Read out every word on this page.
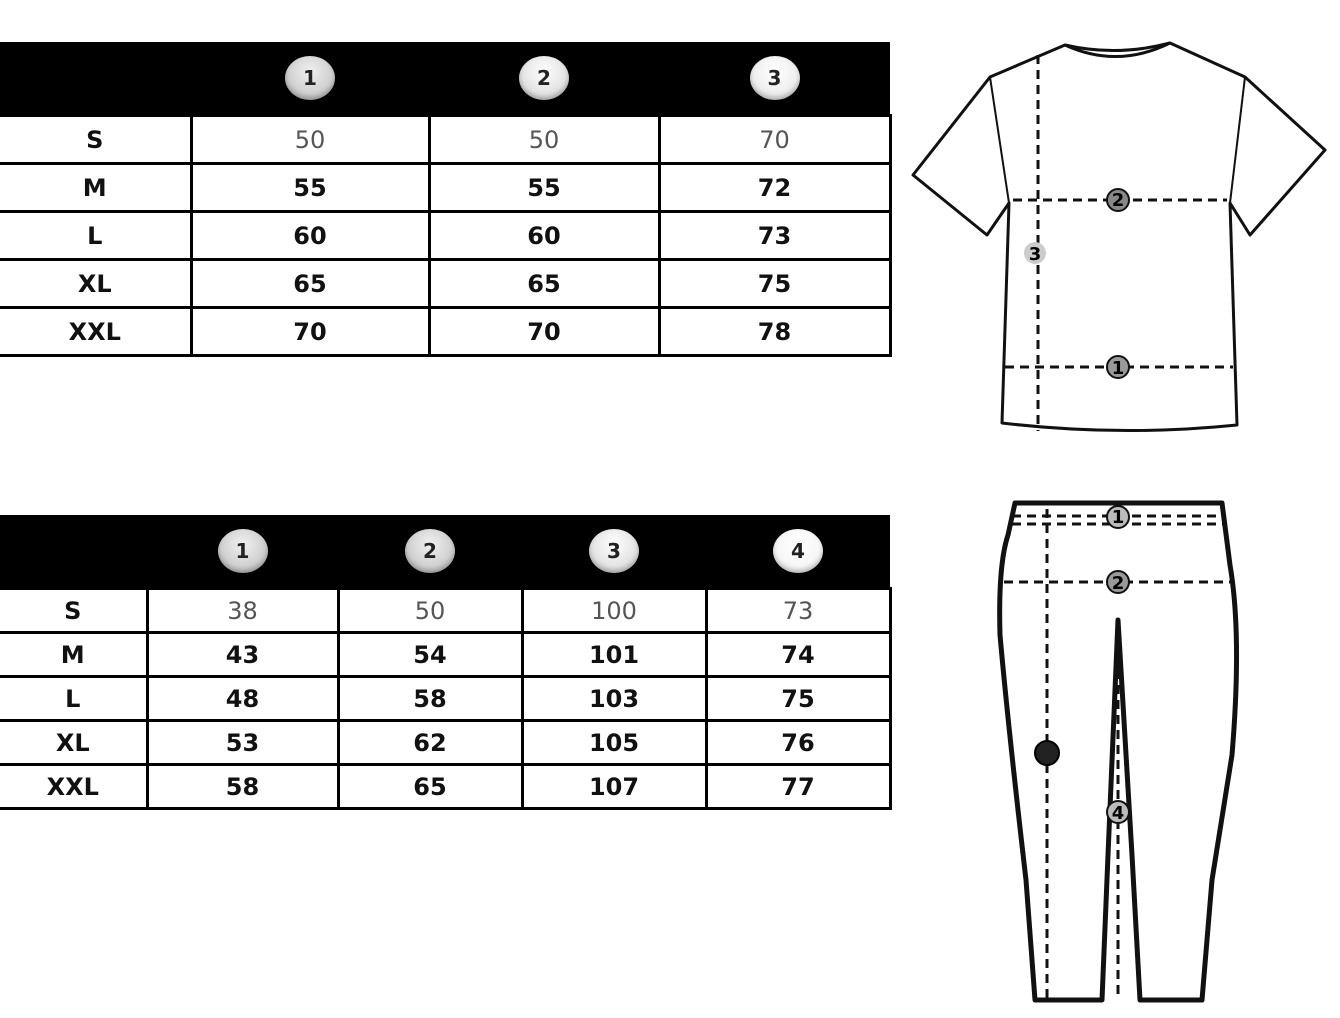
	1	2	3
S	50	50	70
M	55	55	72
L	60	60	73
XL	65	65	75
XXL	70	70	78
	1	2	3	4
S	38	50	100	73
M	43	54	101	74
L	48	58	103	75
XL	53	62	105	76
XXL	58	65	107	77
2
3
1
1
2
3
4
